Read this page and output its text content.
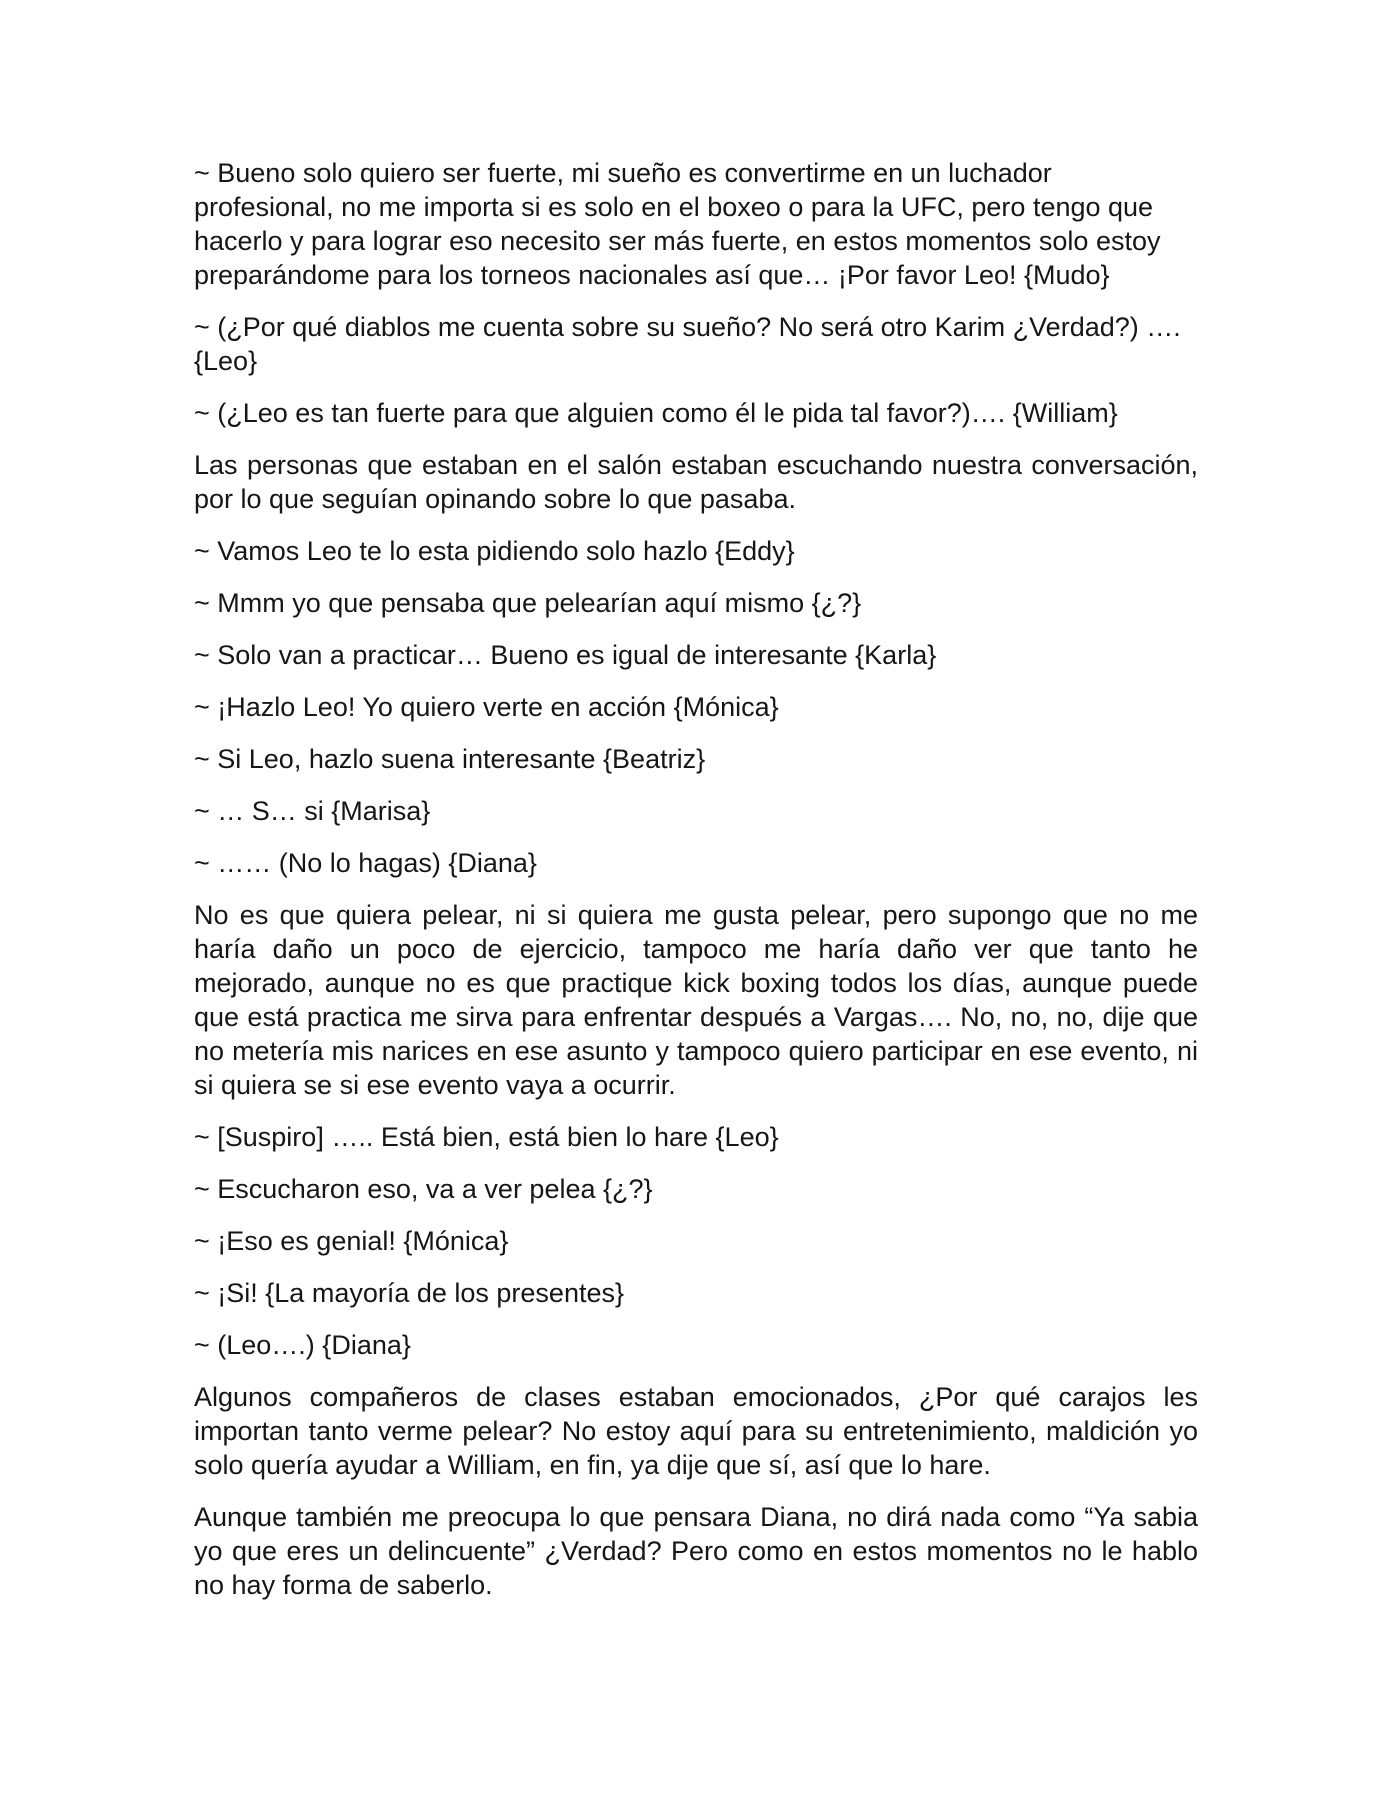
~ Bueno solo quiero ser fuerte, mi sueño es convertirme en un luchador profesional, no me importa si es solo en el boxeo o para la UFC, pero tengo que hacerlo y para lograr eso necesito ser más fuerte, en estos momentos solo estoy preparándome para los torneos nacionales así que… ¡Por favor Leo! {Mudo}

~ (¿Por qué diablos me cuenta sobre su sueño? No será otro Karim ¿Verdad?) …. {Leo}

~ (¿Leo es tan fuerte para que alguien como él le pida tal favor?)…. {William}

Las personas que estaban en el salón estaban escuchando nuestra conversación, por lo que seguían opinando sobre lo que pasaba.

~ Vamos Leo te lo esta pidiendo solo hazlo {Eddy}

~ Mmm yo que pensaba que pelearían aquí mismo {¿?}

~ Solo van a practicar… Bueno es igual de interesante {Karla}

~ ¡Hazlo Leo! Yo quiero verte en acción {Mónica}

~ Si Leo, hazlo suena interesante {Beatriz}

~ … S… si {Marisa}

~ …… (No lo hagas) {Diana}

No es que quiera pelear, ni si quiera me gusta pelear, pero supongo que no me haría daño un poco de ejercicio, tampoco me haría daño ver que tanto he mejorado, aunque no es que practique kick boxing todos los días, aunque puede que está practica me sirva para enfrentar después a Vargas…. No, no, no, dije que no metería mis narices en ese asunto y tampoco quiero participar en ese evento, ni si quiera se si ese evento vaya a ocurrir.

~ [Suspiro] ….. Está bien, está bien lo hare {Leo}

~ Escucharon eso, va a ver pelea {¿?}

~ ¡Eso es genial! {Mónica}

~ ¡Si! {La mayoría de los presentes}

~ (Leo….) {Diana}

Algunos compañeros de clases estaban emocionados, ¿Por qué carajos les importan tanto verme pelear? No estoy aquí para su entretenimiento, maldición yo solo quería ayudar a William, en fin, ya dije que sí, así que lo hare.

Aunque también me preocupa lo que pensara Diana, no dirá nada como “Ya sabia yo que eres un delincuente” ¿Verdad? Pero como en estos momentos no le hablo no hay forma de saberlo.
